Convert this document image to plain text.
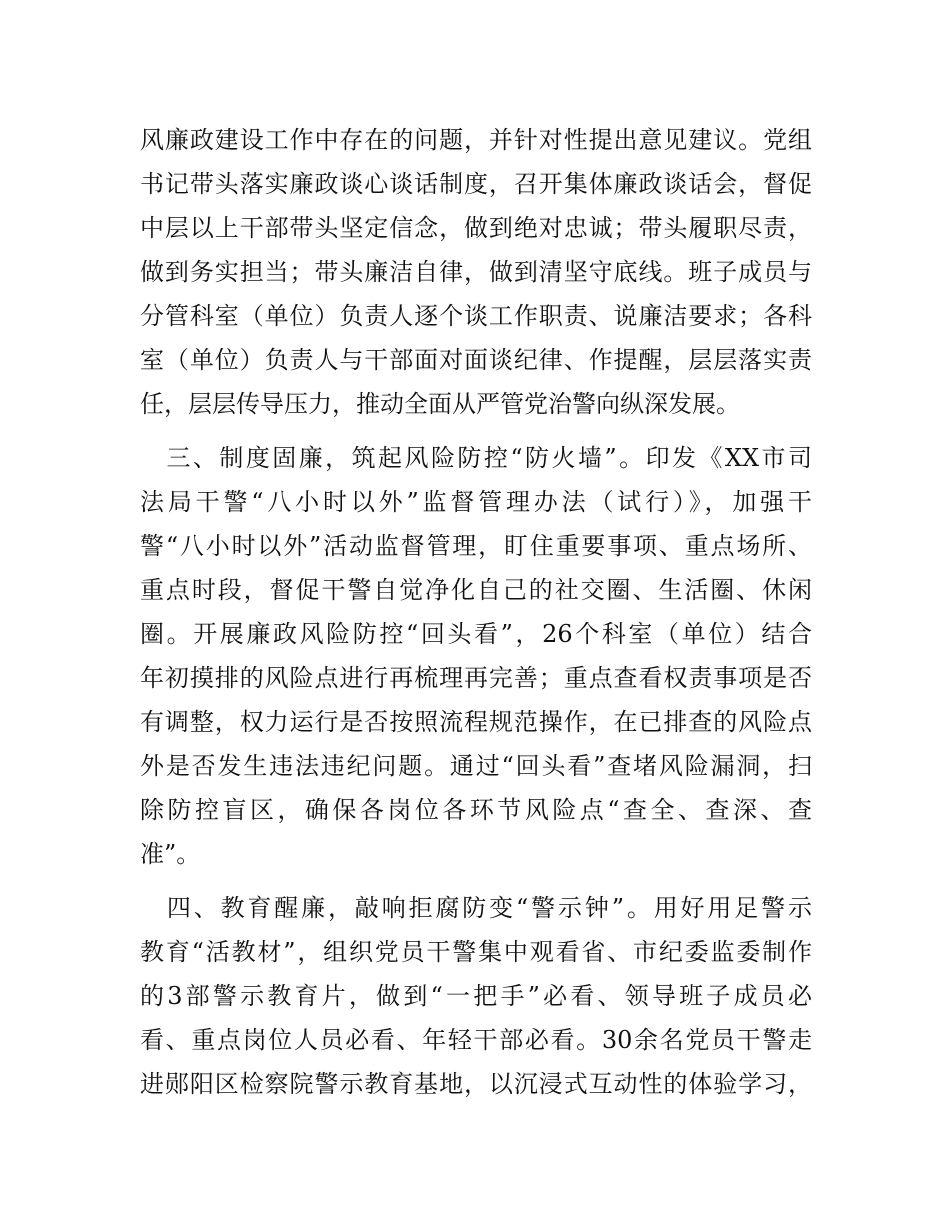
风廉政建设工作中存在的问题，并针对性提出意见建议。党组
书记带头落实廉政谈心谈话制度，召开集体廉政谈话会，督促
中层以上干部带头坚定信念，做到绝对忠诚；带头履职尽责，
做到务实担当；带头廉洁自律，做到清坚守底线。班子成员与
分管科室（单位）负责人逐个谈工作职责、说廉洁要求；各科
室（单位）负责人与干部面对面谈纪律、作提醒，层层落实责
任，层层传导压力，推动全面从严管党治警向纵深发展。
　三、制度固廉，筑起风险防控“防火墙”。印发《XX市司
法局干警“八小时以外”监督管理办法（试行）》，加强干
警“八小时以外”活动监督管理，盯住重要事项、重点场所、
重点时段，督促干警自觉净化自己的社交圈、生活圈、休闲
圈。开展廉政风险防控“回头看”，26个科室（单位）结合
年初摸排的风险点进行再梳理再完善；重点查看权责事项是否
有调整，权力运行是否按照流程规范操作，在已排查的风险点
外是否发生违法违纪问题。通过“回头看”查堵风险漏洞，扫
除防控盲区，确保各岗位各环节风险点“查全、查深、查
准”。
　四、教育醒廉，敲响拒腐防变“警示钟”。用好用足警示
教育“活教材”，组织党员干警集中观看省、市纪委监委制作
的3部警示教育片，做到“一把手”必看、领导班子成员必
看、重点岗位人员必看、年轻干部必看。30余名党员干警走
进郧阳区检察院警示教育基地，以沉浸式互动性的体验学习，
